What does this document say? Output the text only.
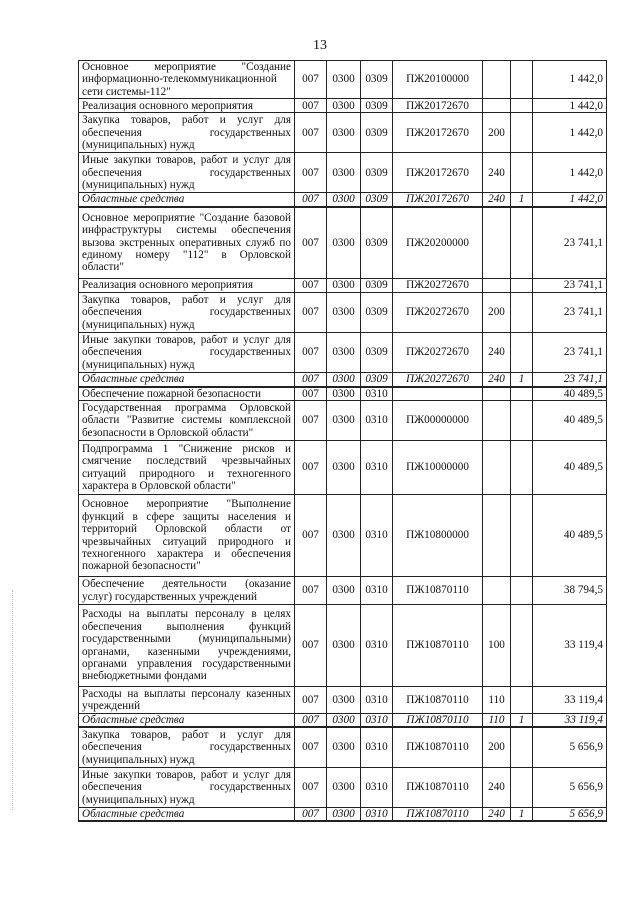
13
Основное мероприятие "Создание информационно-телекоммуникационной сети системы-112"	007	0300	0309	ПЖ20100000			1 442,0
Реализация основного мероприятия	007	0300	0309	ПЖ20172670			1 442,0
Закупка товаров, работ и услуг для обеспечения государственных (муниципальных) нужд	007	0300	0309	ПЖ20172670	200		1 442,0
Иные закупки товаров, работ и услуг для обеспечения государственных (муниципальных) нужд	007	0300	0309	ПЖ20172670	240		1 442,0
Областные средства	007	0300	0309	ПЖ20172670	240	1	1 442,0
Основное мероприятие "Создание базовой инфраструктуры системы обеспечения вызова экстренных оперативных служб по единому номеру "112" в Орловской области"	007	0300	0309	ПЖ20200000			23 741,1
Реализация основного мероприятия	007	0300	0309	ПЖ20272670			23 741,1
Закупка товаров, работ и услуг для обеспечения государственных (муниципальных) нужд	007	0300	0309	ПЖ20272670	200		23 741,1
Иные закупки товаров, работ и услуг для обеспечения государственных (муниципальных) нужд	007	0300	0309	ПЖ20272670	240		23 741,1
Областные средства	007	0300	0309	ПЖ20272670	240	1	23 741,1
Обеспечение пожарной безопасности	007	0300	0310				40 489,5
Государственная программа Орловской области "Развитие системы комплексной безопасности в Орловской области"	007	0300	0310	ПЖ00000000			40 489,5
Подпрограмма 1 "Снижение рисков и смягчение последствий чрезвычайных ситуаций природного и техногенного характера в Орловской области"	007	0300	0310	ПЖ10000000			40 489,5
Основное мероприятие "Выполнение функций в сфере защиты населения и территорий Орловской области от чрезвычайных ситуаций природного и техногенного характера и обеспечения пожарной безопасности"	007	0300	0310	ПЖ10800000			40 489,5
Обеспечение деятельности (оказание услуг) государственных учреждений	007	0300	0310	ПЖ10870110			38 794,5
Расходы на выплаты персоналу в целях обеспечения выполнения функций государственными (муниципальными) органами, казенными учреждениями, органами управления государственными внебюджетными фондами	007	0300	0310	ПЖ10870110	100		33 119,4
Расходы на выплаты персоналу казенных учреждений	007	0300	0310	ПЖ10870110	110		33 119,4
Областные средства	007	0300	0310	ПЖ10870110	110	1	33 119,4
Закупка товаров, работ и услуг для обеспечения государственных (муниципальных) нужд	007	0300	0310	ПЖ10870110	200		5 656,9
Иные закупки товаров, работ и услуг для обеспечения государственных (муниципальных) нужд	007	0300	0310	ПЖ10870110	240		5 656,9
Областные средства	007	0300	0310	ПЖ10870110	240	1	5 656,9
